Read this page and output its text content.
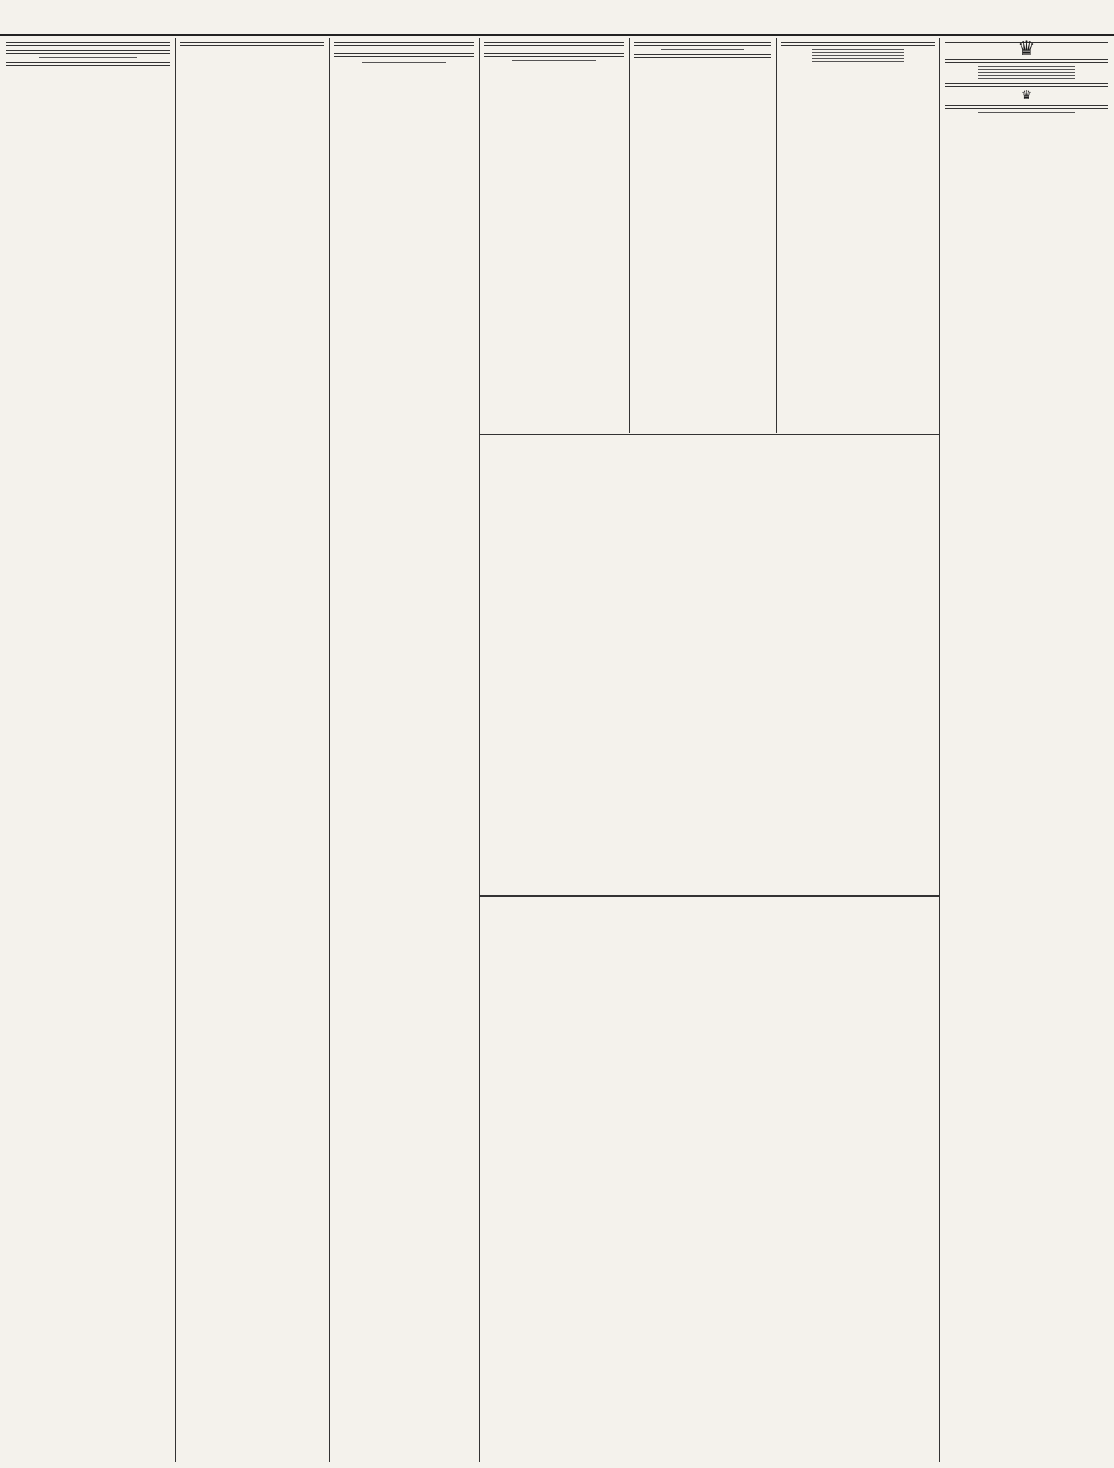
♛

♛
